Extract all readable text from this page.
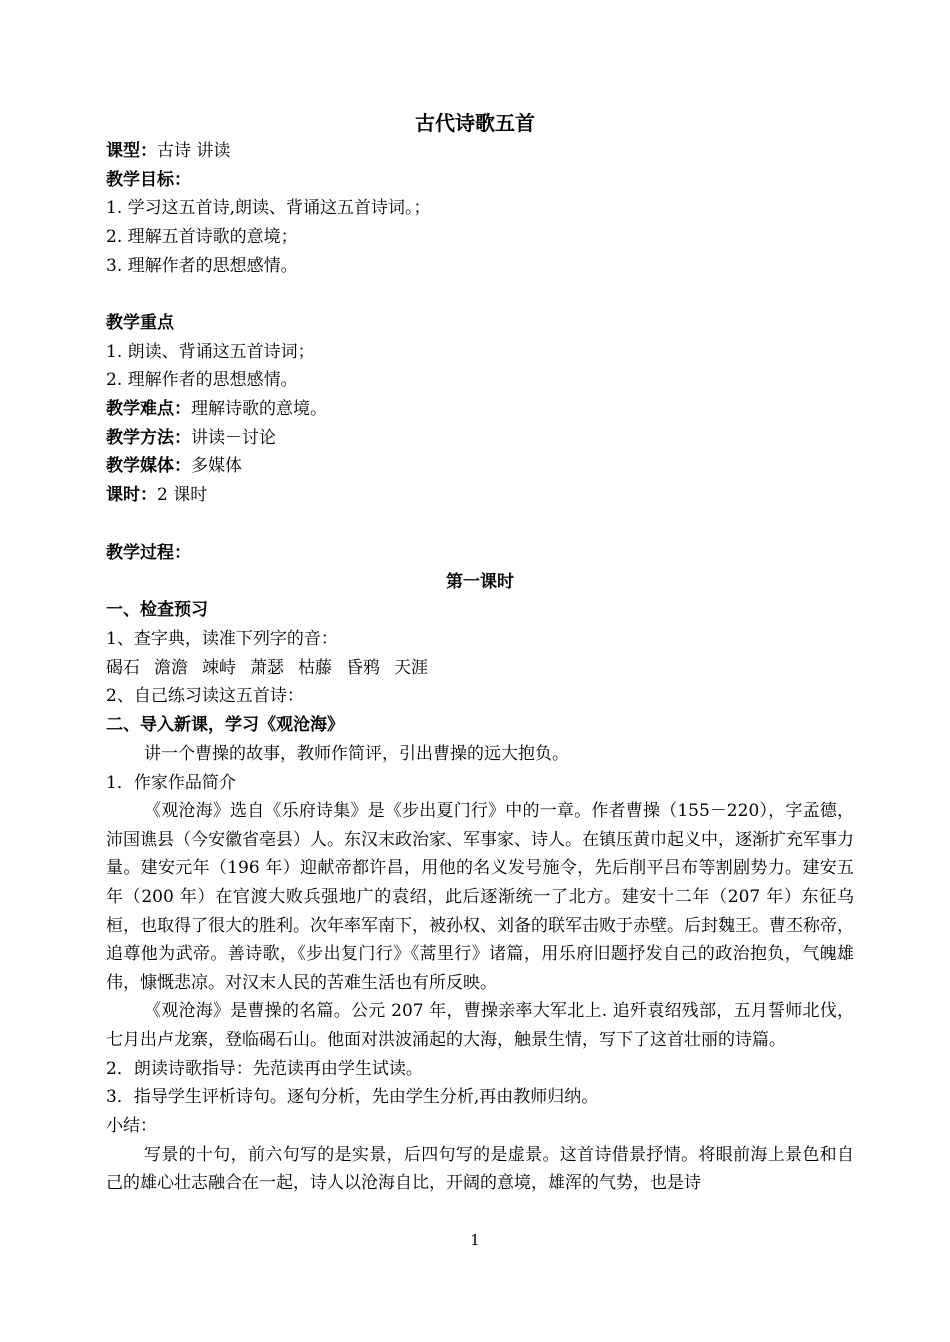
古代诗歌五首
课型：古诗 讲读
教学目标：
1. 学习这五首诗,朗读、背诵这五首诗词。；
2. 理解五首诗歌的意境；
3. 理解作者的思想感情。
教学重点
1. 朗读、背诵这五首诗词；
2. 理解作者的思想感情。
教学难点：理解诗歌的意境。
教学方法：讲读－讨论
教学媒体：多媒体
课时：2 课时
教学过程：
第一课时
一、检查预习
1、查字典，读准下列字的音：
碣石 澹澹 竦峙 萧瑟 枯藤 昏鸦 天涯
2、自己练习读这五首诗：
二、导入新课，学习《观沧海》
讲一个曹操的故事，教师作简评，引出曹操的远大抱负。
1．作家作品简介
《观沧海》选自《乐府诗集》是《步出夏门行》中的一章。作者曹操（155－220），字孟德，沛国谯县（今安徽省亳县）人。东汉末政治家、军事家、诗人。在镇压黄巾起义中，逐渐扩充军事力量。建安元年（196 年）迎献帝都许昌，用他的名义发号施令，先后削平吕布等割剧势力。建安五年（200 年）在官渡大败兵强地广的袁绍，此后逐渐统一了北方。建安十二年（207 年）东征乌桓，也取得了很大的胜利。次年率军南下，被孙权、刘备的联军击败于赤壁。后封魏王。曹丕称帝，追尊他为武帝。善诗歌，《步出复门行》《蒿里行》诸篇，用乐府旧题抒发自己的政治抱负，气魄雄伟，慷慨悲凉。对汉末人民的苦难生活也有所反映。
《观沧海》是曹操的名篇。公元 207 年，曹操亲率大军北上. 追歼袁绍残部，五月誓师北伐，七月出卢龙寨，登临碣石山。他面对洪波涌起的大海，触景生情，写下了这首壮丽的诗篇。
2．朗读诗歌指导：先范读再由学生试读。
3．指导学生评析诗句。逐句分析，先由学生分析,再由教师归纳。
小结：
写景的十句，前六句写的是实景，后四句写的是虚景。这首诗借景抒情。将眼前海上景色和自己的雄心壮志融合在一起，诗人以沧海自比，开阔的意境，雄浑的气势，也是诗
1
